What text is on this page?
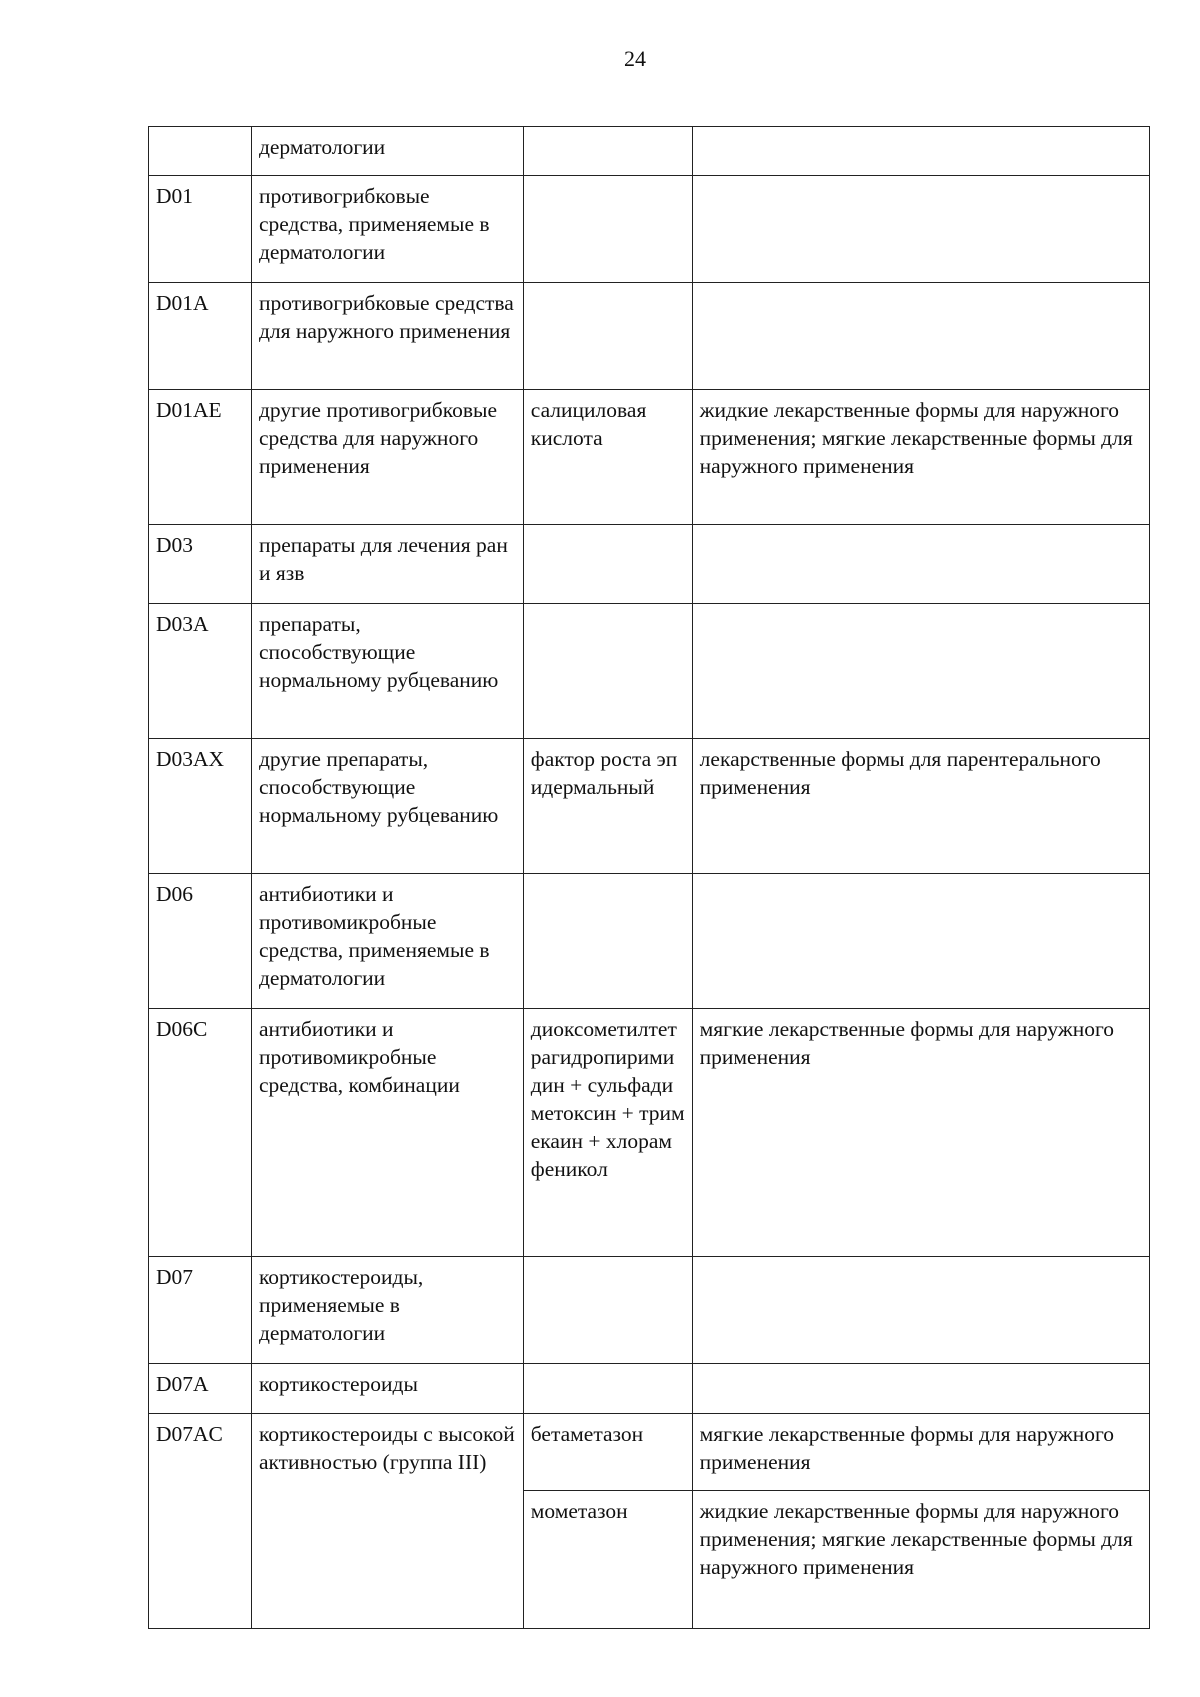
24
	дерматологии		
D01	противогрибковые средства, применяемые в дерматологии		
D01A	противогрибковые средства для наружного применения		
D01AE	другие противогрибковые средства для наружного применения	салициловая кислота	жидкие лекарственные формы для наружного применения; мягкие лекарственные формы для наружного применения
D03	препараты для лечения ран и язв		
D03A	препараты, способствующие нормальному рубцеванию		
D03AX	другие препараты, способствующие нормальному рубцеванию	фактор роста эпидермальный	лекарственные формы для парентерального применения
D06	антибиотики и противомикробные средства, применяемые в дерматологии		
D06C	антибиотики и противомикробные средства, комбинации	диоксометилтетрагидропиримидин + сульфадиметоксин + тримекаин + хлорамфеникол	мягкие лекарственные формы для наружного применения
D07	кортикостероиды, применяемые в дерматологии		
D07A	кортикостероиды		
D07AC	кортикостероиды с высокой активностью (группа III)	бетаметазон	мягкие лекарственные формы для наружного применения
		мометазон	жидкие лекарственные формы для наружного применения; мягкие лекарственные формы для наружного применения
